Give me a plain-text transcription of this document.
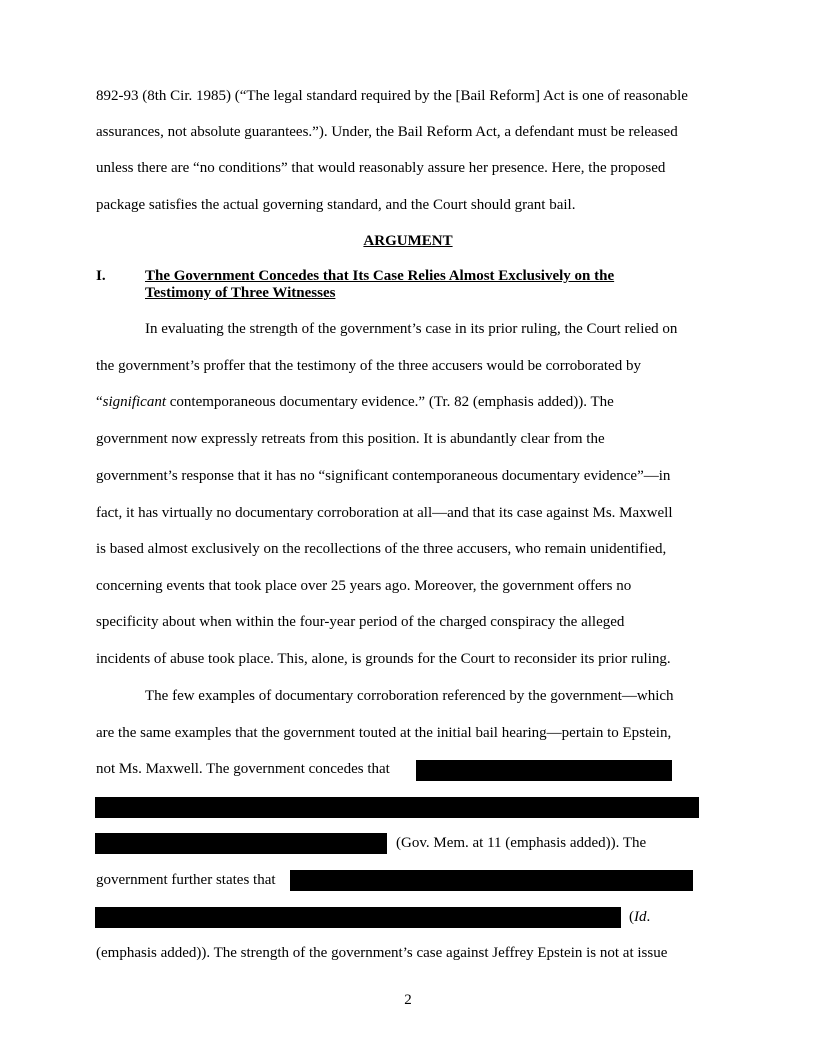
892-93 (8th Cir. 1985) (“The legal standard required by the [Bail Reform] Act is one of reasonable
assurances, not absolute guarantees.”). Under, the Bail Reform Act, a defendant must be released
unless there are “no conditions” that would reasonably assure her presence. Here, the proposed
package satisfies the actual governing standard, and the Court should grant bail.
ARGUMENT
I.	The Government Concedes that Its Case Relies Almost Exclusively on the
Testimony of Three Witnesses
In evaluating the strength of the government’s case in its prior ruling, the Court relied on
the government’s proffer that the testimony of the three accusers would be corroborated by
“significant contemporaneous documentary evidence.” (Tr. 82 (emphasis added)). The
government now expressly retreats from this position. It is abundantly clear from the
government’s response that it has no “significant contemporaneous documentary evidence”—in
fact, it has virtually no documentary corroboration at all—and that its case against Ms. Maxwell
is based almost exclusively on the recollections of the three accusers, who remain unidentified,
concerning events that took place over 25 years ago. Moreover, the government offers no
specificity about when within the four-year period of the charged conspiracy the alleged
incidents of abuse took place. This, alone, is grounds for the Court to reconsider its prior ruling.
The few examples of documentary corroboration referenced by the government—which
are the same examples that the government touted at the initial bail hearing—pertain to Epstein,
not Ms. Maxwell. The government concedes that
(Gov. Mem. at 11 (emphasis added)). The
government further states that
(Id.
(emphasis added)). The strength of the government’s case against Jeffrey Epstein is not at issue
2
